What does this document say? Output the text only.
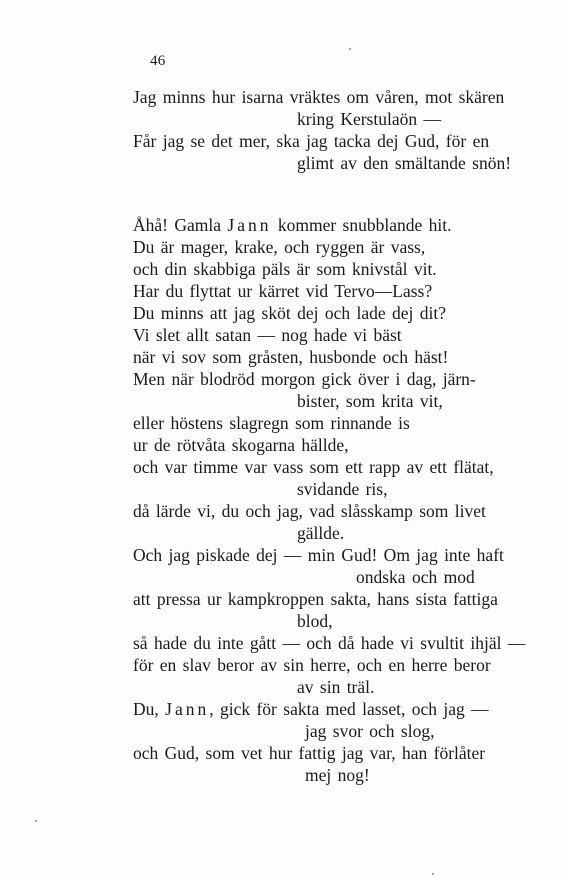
46
Jag minns hur isarna vräktes om våren, mot skären
kring Kerstulaön —
Får jag se det mer, ska jag tacka dej Gud, för en
glimt av den smältande snön!
Åhå! Gamla Jann kommer snubblande hit.
Du är mager, krake, och ryggen är vass,
och din skabbiga päls är som knivstål vit.
Har du flyttat ur kärret vid Tervo—Lass?
Du minns att jag sköt dej och lade dej dit?
Vi slet allt satan — nog hade vi bäst
när vi sov som gråsten, husbonde och häst!
Men när blodröd morgon gick över i dag, järn-
bister, som krita vit,
eller höstens slagregn som rinnande is
ur de rötvåta skogarna hällde,
och var timme var vass som ett rapp av ett flätat,
svidande ris,
då lärde vi, du och jag, vad slåsskamp som livet
gällde.
Och jag piskade dej — min Gud! Om jag inte haft
ondska och mod
att pressa ur kampkroppen sakta, hans sista fattiga
blod,
så hade du inte gått — och då hade vi svultit ihjäl —
för en slav beror av sin herre, och en herre beror
av sin träl.
Du, Jann, gick för sakta med lasset, och jag —
jag svor och slog,
och Gud, som vet hur fattig jag var, han förlåter
mej nog!
